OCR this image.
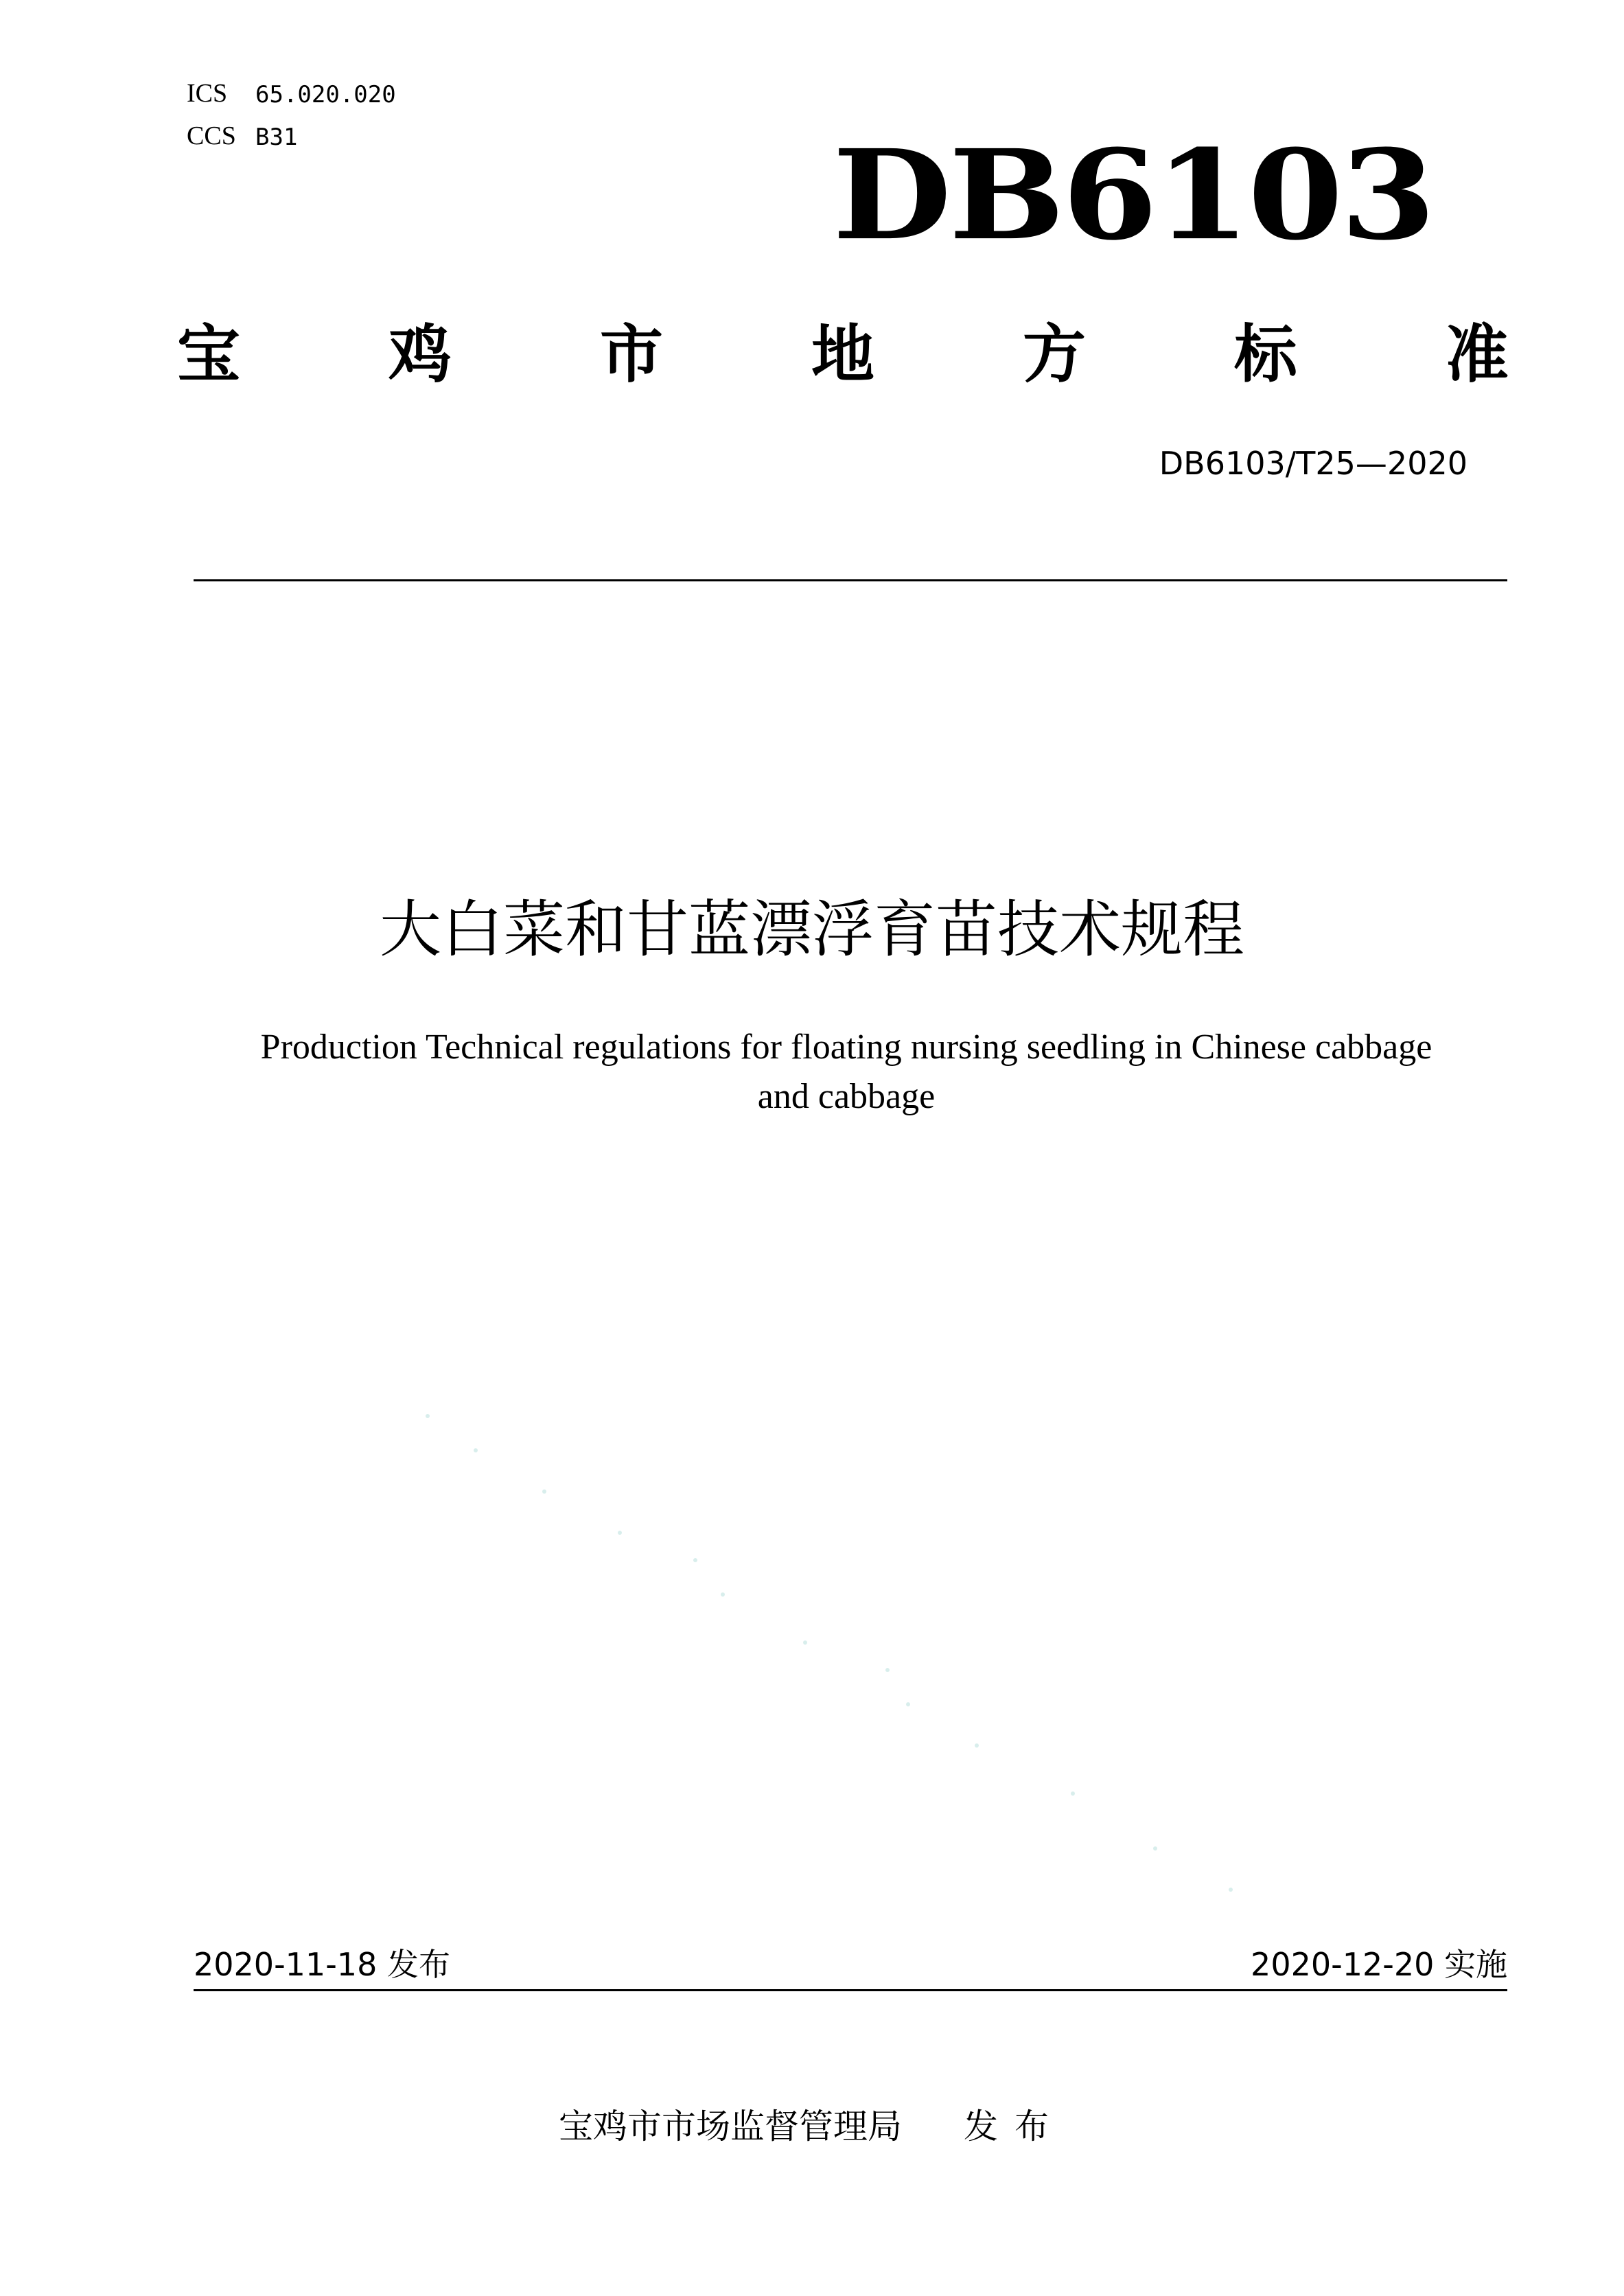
ICS 65.020.020
CCS B31	DB6103
宝 鸡 市 地 方 标 准
DB6103/T25—2020
大白菜和甘蓝漂浮育苗技术规程
Production Technical regulations for floating nursing seedling in Chinese cabbage
and cabbage
2020-11-18 发布	2020-12-20 实施
宝鸡市市场监督管理局 发布
